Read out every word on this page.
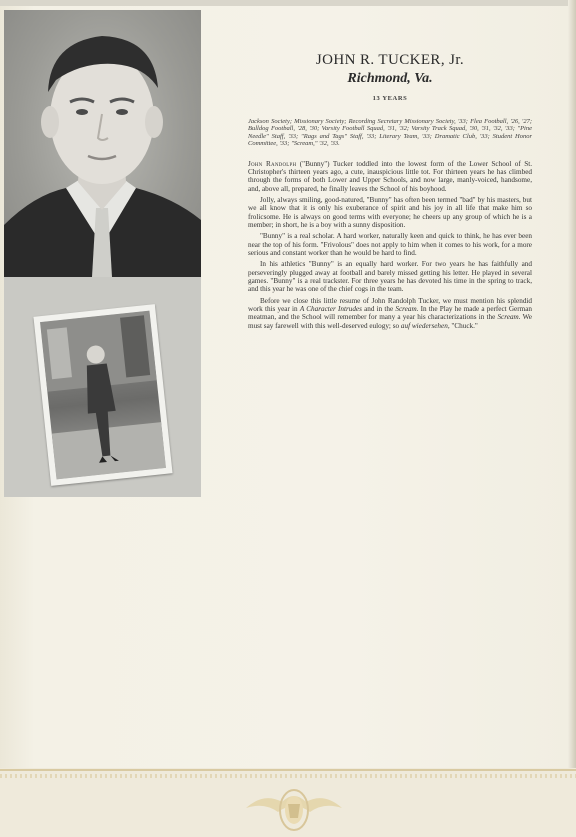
JOHN R. TUCKER, Jr.
Richmond, Va.
13 YEARS
Jackson Society; Missionary Society; Recording Secretary Missionary Society, '33; Flea Football, '26, '27; Bulldog Football, '28, '30; Varsity Football Squad, '31, '32; Varsity Track Squad, '30, '31, '32, '33; "Pine Needle" Staff, '33; "Rags and Tags" Staff, '33; Literary Team, '33; Dramatic Club, '33; Student Honor Committee, '33; "Scream," '32, '33.

John Randolph ("Bunny") Tucker toddled into the lowest form of the Lower School of St. Christopher's thirteen years ago, a cute, inauspicious little tot. For thirteen years he has climbed through the forms of both Lower and Upper Schools, and now large, manly-voiced, handsome, and, above all, prepared, he finally leaves the School of his boyhood.

Jolly, always smiling, good-natured, "Bunny" has often been termed "bad" by his masters, but we all know that it is only his exuberance of spirit and his joy in all life that make him so frolicsome. He is always on good terms with everyone; he cheers up any group of which he is a member; in short, he is a boy with a sunny disposition.

"Bunny" is a real scholar. A hard worker, naturally keen and quick to think, he has ever been near the top of his form. "Frivolous" does not apply to him when it comes to his work, for a more serious and constant worker than he would be hard to find.

In his athletics "Bunny" is an equally hard worker. For two years he has faithfully and perseveringly plugged away at football and barely missed getting his letter. He played in several games. "Bunny" is a real trackster. For three years he has devoted his time in the spring to track, and this year he was one of the chief cogs in the team.

Before we close this little resume of John Randolph Tucker, we must mention his splendid work this year in A Character Intrudes and in the Scream. In the Play he made a perfect German meatman, and the School will remember for many a year his characterizations in the Scream. We must say farewell with this well-deserved eulogy; so auf wiedersehen, "Chuck."
